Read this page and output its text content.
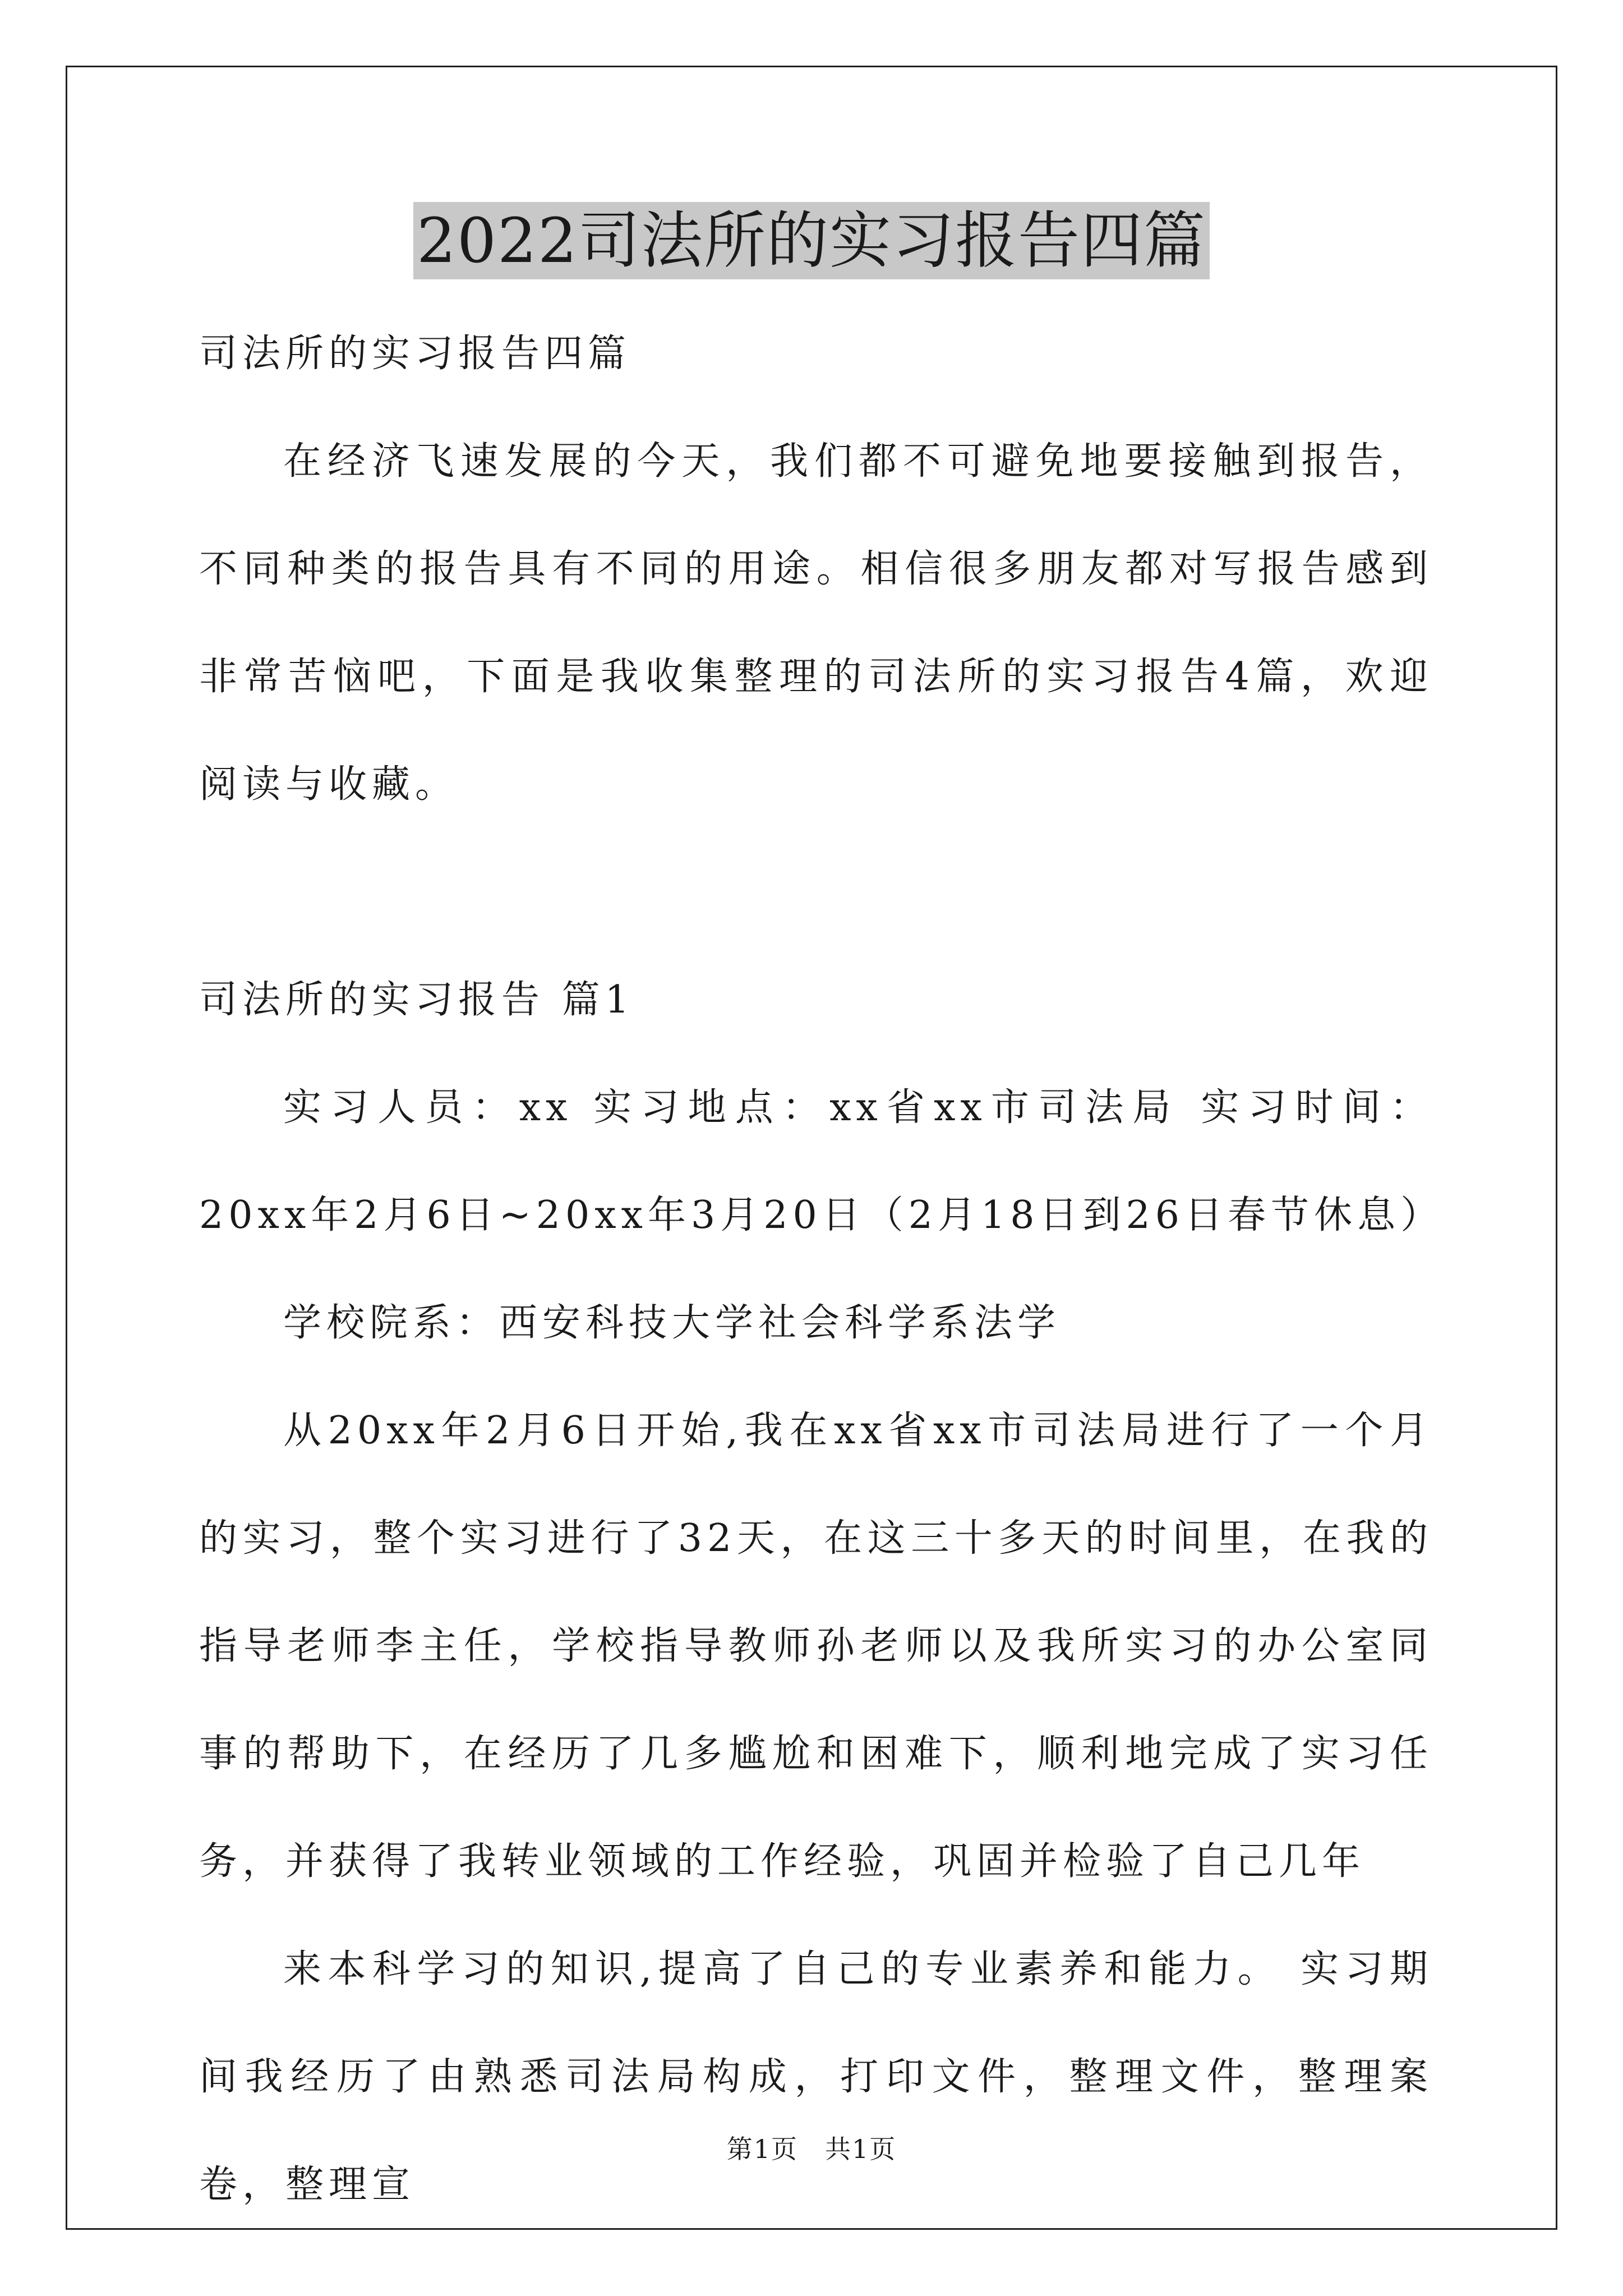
2022司法所的实习报告四篇

司法所的实习报告四篇

在经济飞速发展的今天，我们都不可避免地要接触到报告，不同种类的报告具有不同的用途。相信很多朋友都对写报告感到非常苦恼吧，下面是我收集整理的司法所的实习报告4篇，欢迎阅读与收藏。

司法所的实习报告 篇1

实习人员：xx 实习地点：xx省xx市司法局 实习时间：20xx年2月6日~20xx年3月20日（2月18日到26日春节休息）

学校院系：西安科技大学社会科学系法学

从20xx年2月6日开始,我在xx省xx市司法局进行了一个月的实习，整个实习进行了32天，在这三十多天的时间里，在我的指导老师李主任，学校指导教师孙老师以及我所实习的办公室同事的帮助下，在经历了几多尴尬和困难下，顺利地完成了实习任务，并获得了我转业领域的工作经验，巩固并检验了自己几年

来本科学习的知识,提高了自己的专业素养和能力。 实习期间我经历了由熟悉司法局构成，打印文件，整理文件，整理案卷，整理宣

第1页 共1页
